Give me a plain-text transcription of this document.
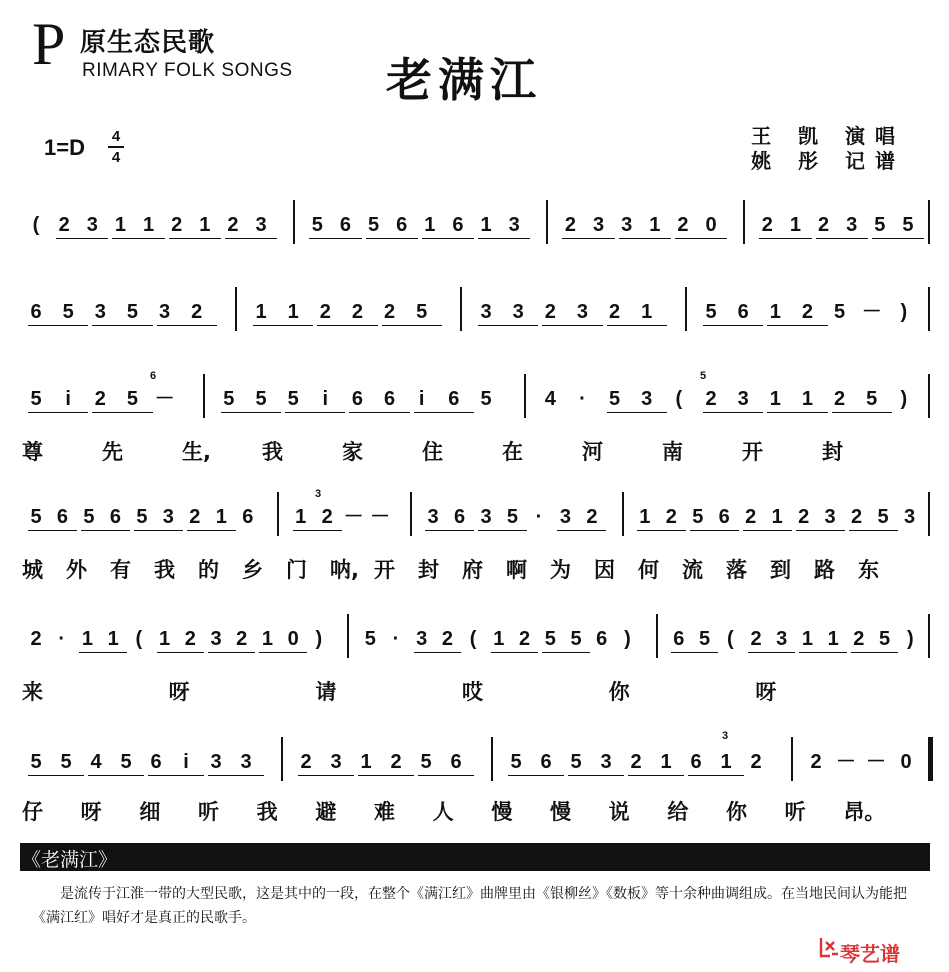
P 原生态民歌
RIMARY FOLK SONGS 老满江
1=D 4
4
王 凯 演唱
姚 彤 记谱
( 2 3 1 1 2 1 2 3 5 6 5 6 1 6 1 3 2 3 3 1 2 0 2 1 2 3 5 5
6 5 3 5 3 2	1 1 2 2 2 5	3 3 2 3 2 1	5 6 1 2 5 － )
5	i	2 5 － 5 5 5	i	6 6	i	6 5	4	·	5 3	(	2 3 1 1 2 5	)
尊	先	生, 我	家	住	在	河	南	开	封
5 6 5 6 5 3 2 1 6 1 2 － － 3 6 3 5 · 3 2 1 2 5 6 2 1 2 3 2 5 3
城 外 有 我 的 乡 门 呐, 开 封 府 啊 为 因 何 流 落 到 路 东
2 · 1 1 ( 1 2 3 2 1 0 )	5 · 3 2 ( 1 2 5 5 6 )	6 5 ( 2 3 1 1 2 5 )
来	呀	请	哎	你	呀
5 5 4 5 6	i	3 3 2 3 1 2 5 6 5 6 5 3 2 1 6 1 2 2 － － 0
仔 呀 细 听 我 避 难 人 慢 慢 说 给 你 听 昂。
6	5
3
3
《老满江》
是流传于江淮一带的大型民歌，这是其中的一段，在整个《满江红》曲牌里由《银柳丝》《数板》等十余种曲调组成。在当地民间认为能把《满江红》唱好才是真正的民歌手。
琴艺谱
